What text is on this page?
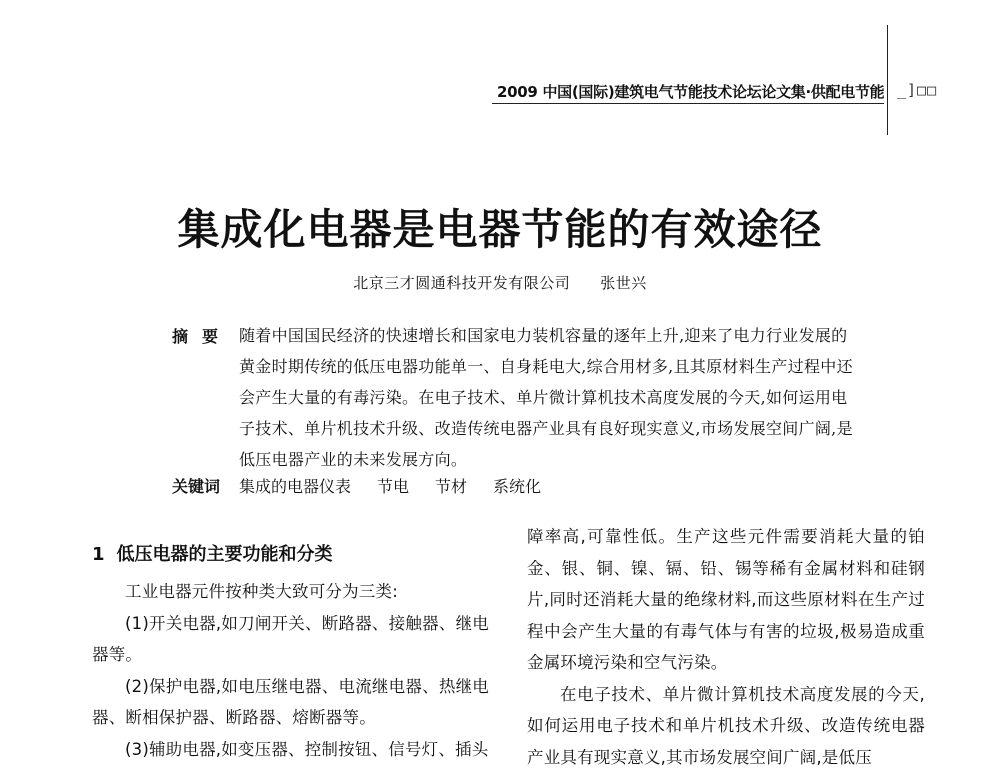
2009 中国(国际)建筑电气节能技术论坛论文集·供配电节能 _]□□
集成化电器是电器节能的有效途径
北京三才圆通科技开发有限公司 张世兴
摘要 随着中国国民经济的快速增长和国家电力装机容量的逐年上升,迎来了电力行业发展的黄金时期传统的低压电器功能单一、自身耗电大,综合用材多,且其原材料生产过程中还会产生大量的有毒污染。在电子技术、单片微计算机技术高度发展的今天,如何运用电子技术、单片机技术升级、改造传统电器产业具有良好现实意义,市场发展空间广阔,是低压电器产业的未来发展方向。
关键词 集成的电器仪表 节电 节材 系统化
1 低压电器的主要功能和分类

工业电器元件按种类大致可分为三类:

(1)开关电器,如刀闸开关、断路器、接触器、继电器等。

(2)保护电器,如电压继电器、电流继电器、热继电器、断相保护器、断路器、熔断器等。

(3)辅助电器,如变压器、控制按钮、信号灯、插头

障率高,可靠性低。生产这些元件需要消耗大量的铂金、银、铜、镍、镉、铅、锡等稀有金属材料和硅钢片,同时还消耗大量的绝缘材料,而这些原材料在生产过程中会产生大量的有毒气体与有害的垃圾,极易造成重金属环境污染和空气污染。

在电子技术、单片微计算机技术高度发展的今天,如何运用电子技术和单片机技术升级、改造传统电器产业具有现实意义,其市场发展空间广阔,是低压
